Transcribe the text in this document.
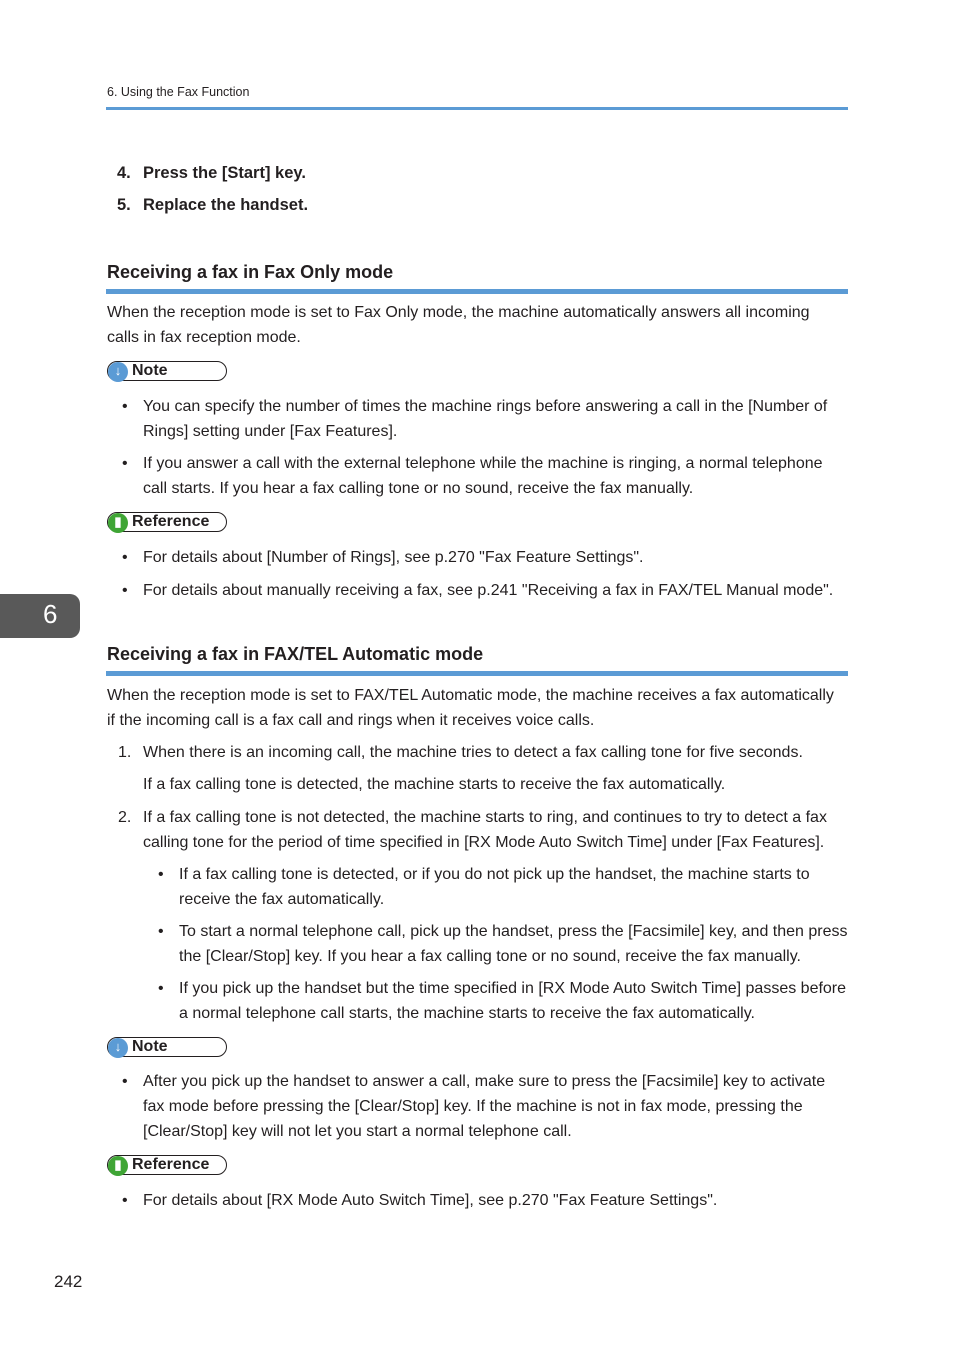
6. Using the Fax Function
4. Press the [Start] key.
5. Replace the handset.
Receiving a fax in Fax Only mode
When the reception mode is set to Fax Only mode, the machine automatically answers all incoming
calls in fax reception mode.
↓ Note
• You can specify the number of times the machine rings before answering a call in the [Number of
Rings] setting under [Fax Features].
• If you answer a call with the external telephone while the machine is ringing, a normal telephone
call starts. If you hear a fax calling tone or no sound, receive the fax manually.
▮ Reference
• For details about [Number of Rings], see p.270 "Fax Feature Settings".
• For details about manually receiving a fax, see p.241 "Receiving a fax in FAX/TEL Manual mode".
6
Receiving a fax in FAX/TEL Automatic mode
When the reception mode is set to FAX/TEL Automatic mode, the machine receives a fax automatically
if the incoming call is a fax call and rings when it receives voice calls.
1. When there is an incoming call, the machine tries to detect a fax calling tone for five seconds.
If a fax calling tone is detected, the machine starts to receive the fax automatically.
2. If a fax calling tone is not detected, the machine starts to ring, and continues to try to detect a fax
calling tone for the period of time specified in [RX Mode Auto Switch Time] under [Fax Features].
• If a fax calling tone is detected, or if you do not pick up the handset, the machine starts to
receive the fax automatically.
• To start a normal telephone call, pick up the handset, press the [Facsimile] key, and then press
the [Clear/Stop] key. If you hear a fax calling tone or no sound, receive the fax manually.
• If you pick up the handset but the time specified in [RX Mode Auto Switch Time] passes before
a normal telephone call starts, the machine starts to receive the fax automatically.
↓ Note
• After you pick up the handset to answer a call, make sure to press the [Facsimile] key to activate
fax mode before pressing the [Clear/Stop] key. If the machine is not in fax mode, pressing the
[Clear/Stop] key will not let you start a normal telephone call.
▮ Reference
• For details about [RX Mode Auto Switch Time], see p.270 "Fax Feature Settings".
242
